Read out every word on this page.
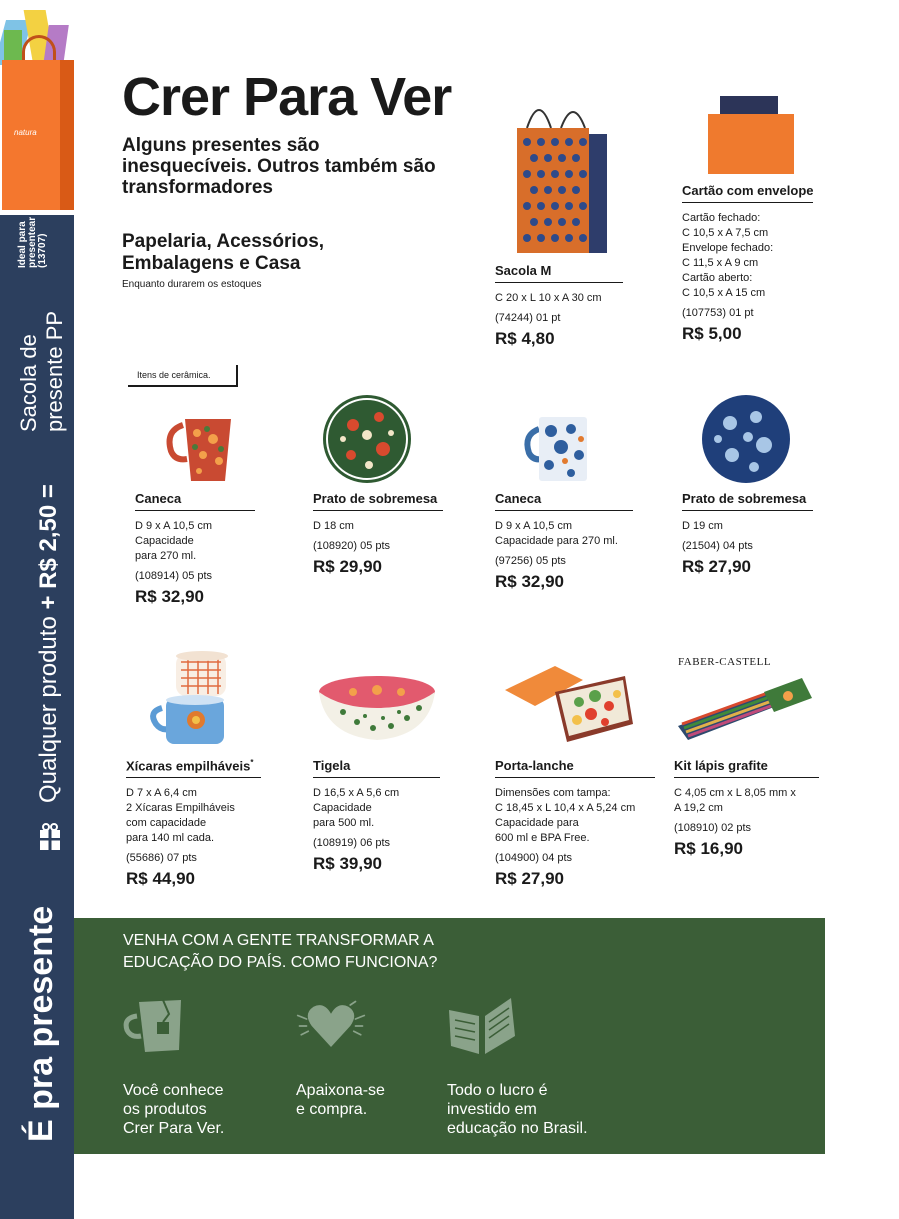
natura
Ideal para presentear (13707)
Sacola de presente PP
Qualquer produto + R$ 2,50 =
É pra presente
Crer Para Ver
Alguns presentes são inesquecíveis. Outros também são transformadores
Papelaria, Acessórios, Embalagens e Casa
Enquanto durarem os estoques
Itens de cerâmica.
Sacola M
C 20 x L 10 x A 30 cm
(74244) 01 pt
R$ 4,80
Cartão com envelope
Cartão fechado:
C 10,5 x A 7,5 cm
Envelope fechado:
C 11,5 x A 9 cm
Cartão aberto:
C 10,5 x A 15 cm
(107753) 01 pt
R$ 5,00
Caneca
D 9 x A 10,5 cm
Capacidade
para 270 ml.
(108914) 05 pts
R$ 32,90
Prato de sobremesa
D 18 cm
(108920) 05 pts
R$ 29,90
Caneca
D 9 x A 10,5 cm
Capacidade para 270 ml.
(97256) 05 pts
R$ 32,90
Prato de sobremesa
D 19 cm
(21504) 04 pts
R$ 27,90
Xícaras empilháveis*
D 7 x A 6,4 cm
2 Xícaras Empilháveis
com capacidade
para 140 ml cada.
(55686) 07 pts
R$ 44,90
Tigela
D 16,5 x A 5,6 cm
Capacidade
para 500 ml.
(108919) 06 pts
R$ 39,90
Porta-lanche
Dimensões com tampa:
C 18,45 x L 10,4 x A 5,24 cm
Capacidade para
600 ml e BPA Free.
(104900) 04 pts
R$ 27,90
FABER-CASTELL
Kit lápis grafite
C 4,05 cm x L 8,05 mm x
A 19,2 cm
(108910) 02 pts
R$ 16,90
VENHA COM A GENTE TRANSFORMAR A EDUCAÇÃO DO PAÍS. COMO FUNCIONA?
Você conhece
os produtos
Crer Para Ver.
Apaixona-se
e compra.
Todo o lucro é
investido em
educação no Brasil.
